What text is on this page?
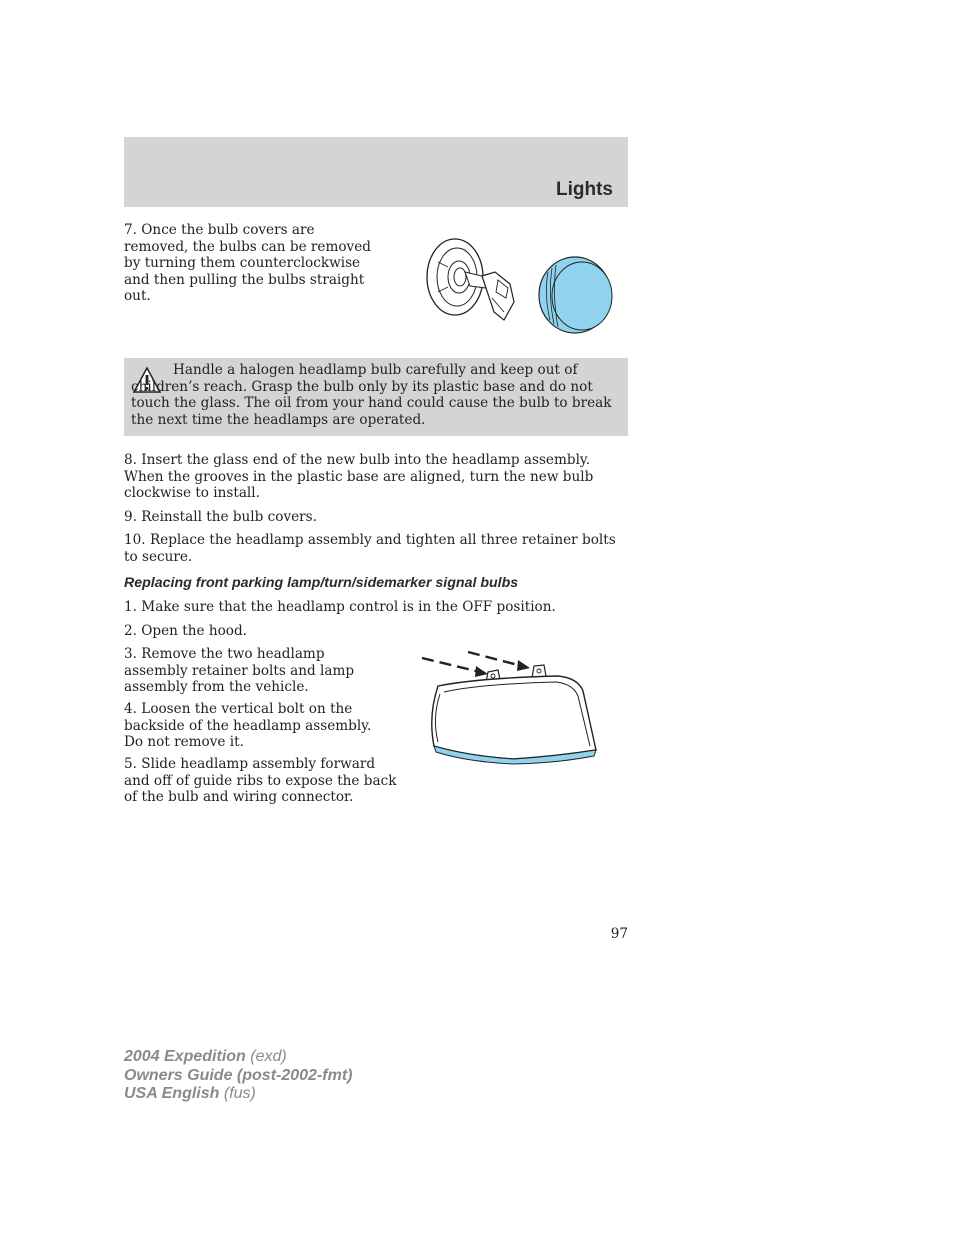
Lights
7. Once the bulb covers are removed, the bulbs can be removed by turning them counterclockwise and then pulling the bulbs straight out.
Handle a halogen headlamp bulb carefully and keep out of children’s reach. Grasp the bulb only by its plastic base and do not touch the glass. The oil from your hand could cause the bulb to break the next time the headlamps are operated.
8. Insert the glass end of the new bulb into the headlamp assembly. When the grooves in the plastic base are aligned, turn the new bulb clockwise to install.
9. Reinstall the bulb covers.
10. Replace the headlamp assembly and tighten all three retainer bolts to secure.
Replacing front parking lamp/turn/sidemarker signal bulbs
1. Make sure that the headlamp control is in the OFF position.
2. Open the hood.
3. Remove the two headlamp assembly retainer bolts and lamp assembly from the vehicle.
4. Loosen the vertical bolt on the backside of the headlamp assembly. Do not remove it.
5. Slide headlamp assembly forward and off of guide ribs to expose the back of the bulb and wiring connector.
97
2004 Expedition (exd)
Owners Guide (post-2002-fmt)
USA English (fus)
